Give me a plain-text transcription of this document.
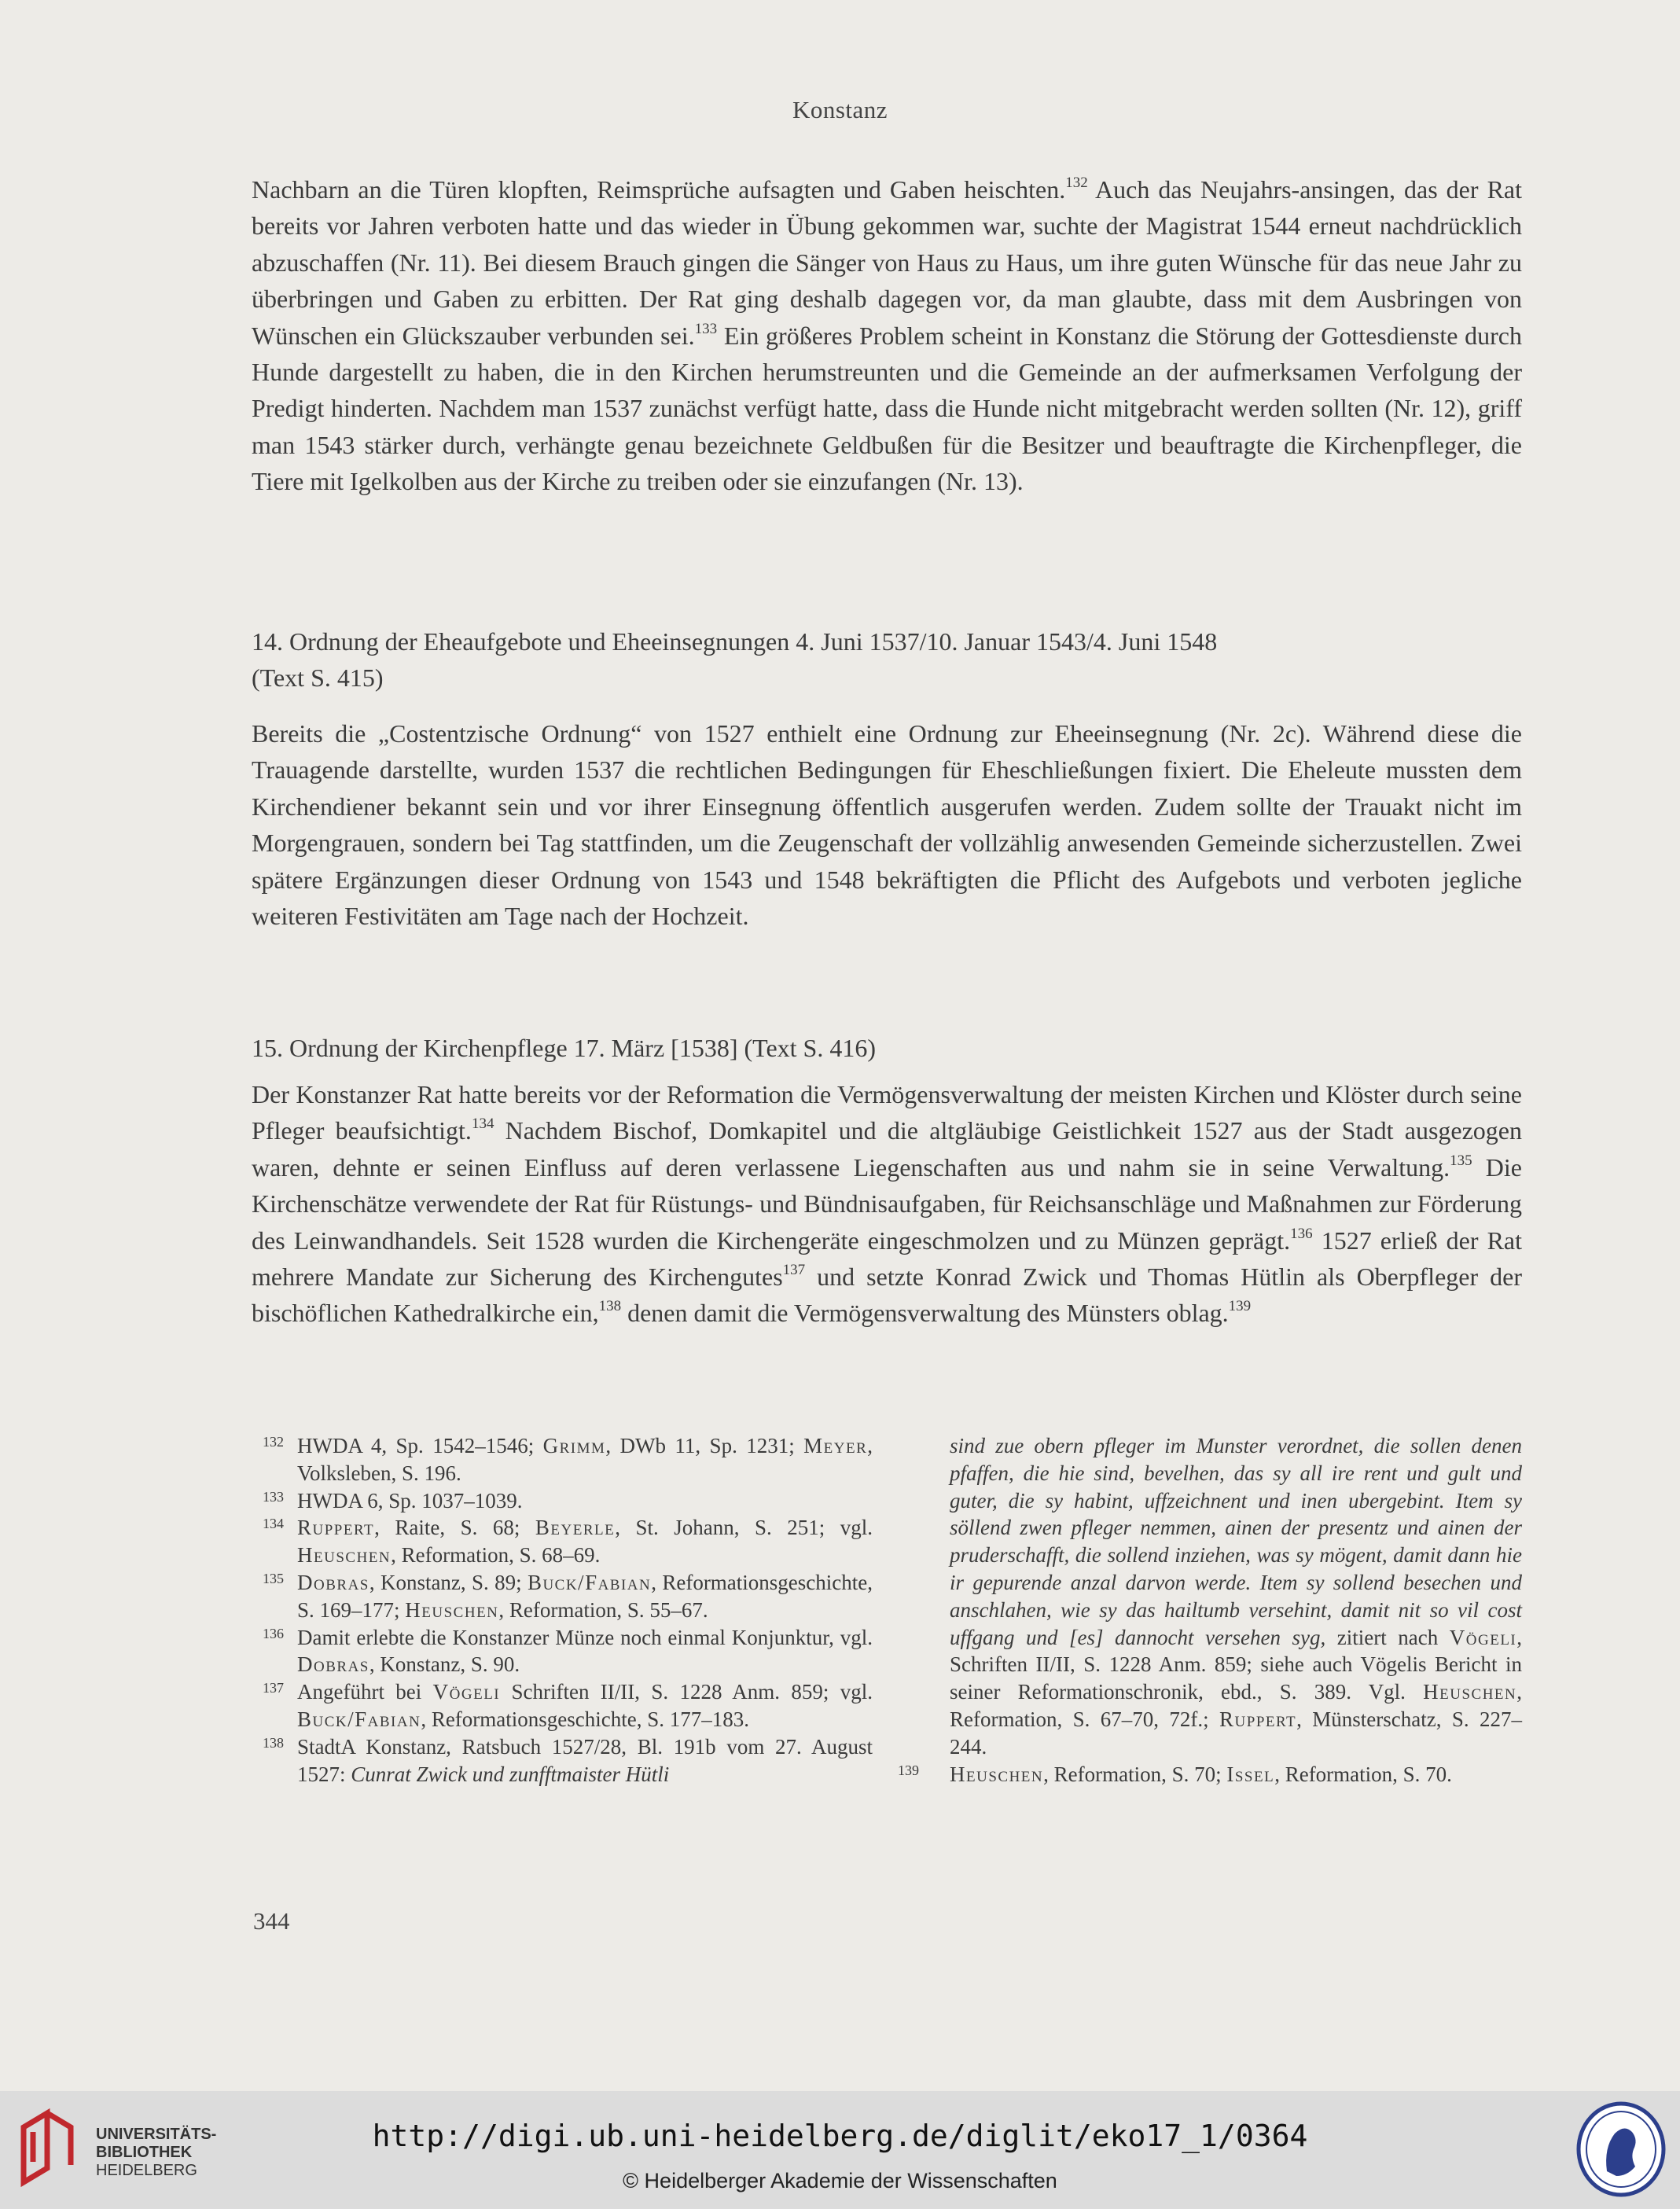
Konstanz

Nachbarn an die Türen klopften, Reimsprüche aufsagten und Gaben heischten.$^{132}$ Auch das Neujahrs-ansingen, das der Rat bereits vor Jahren verboten hatte und das wieder in Übung gekommen war, suchte der Magistrat 1544 erneut nachdrücklich abzuschaffen (Nr. 11). Bei diesem Brauch gingen die Sänger von Haus zu Haus, um ihre guten Wünsche für das neue Jahr zu überbringen und Gaben zu erbitten. Der Rat ging deshalb dagegen vor, da man glaubte, dass mit dem Ausbringen von Wünschen ein Glückszauber verbunden sei.$^{133}$ Ein größeres Problem scheint in Konstanz die Störung der Gottesdienste durch Hunde dargestellt zu haben, die in den Kirchen herumstreunten und die Gemeinde an der aufmerksamen Verfolgung der Predigt hinderten. Nachdem man 1537 zunächst verfügt hatte, dass die Hunde nicht mitgebracht werden sollten (Nr. 12), griff man 1543 stärker durch, verhängte genau bezeichnete Geldbußen für die Besitzer und beauftragte die Kirchenpfleger, die Tiere mit Igelkolben aus der Kirche zu treiben oder sie einzufangen (Nr. 13).

14. Ordnung der Eheaufgebote und Eheeinsegnungen 4. Juni 1537/10. Januar 1543/4. Juni 1548

(Text S. 415)

Bereits die „Costentzische Ordnung“ von 1527 enthielt eine Ordnung zur Eheeinsegnung (Nr. 2c). Während diese die Trauagende darstellte, wurden 1537 die rechtlichen Bedingungen für Eheschließungen fixiert. Die Eheleute mussten dem Kirchendiener bekannt sein und vor ihrer Einsegnung öffentlich ausgerufen werden. Zudem sollte der Trauakt nicht im Morgengrauen, sondern bei Tag stattfinden, um die Zeugenschaft der vollzählig anwesenden Gemeinde sicherzustellen. Zwei spätere Ergänzungen dieser Ordnung von 1543 und 1548 bekräftigten die Pflicht des Aufgebots und verboten jegliche weiteren Festivitäten am Tage nach der Hochzeit.

15. Ordnung der Kirchenpflege 17. März [1538] (Text S. 416)

Der Konstanzer Rat hatte bereits vor der Reformation die Vermögensverwaltung der meisten Kirchen und Klöster durch seine Pfleger beaufsichtigt.$^{134}$ Nachdem Bischof, Domkapitel und die altgläubige Geistlichkeit 1527 aus der Stadt ausgezogen waren, dehnte er seinen Einfluss auf deren verlassene Liegenschaften aus und nahm sie in seine Verwaltung.$^{135}$ Die Kirchenschätze verwendete der Rat für Rüstungs- und Bündnisaufgaben, für Reichsanschläge und Maßnahmen zur Förderung des Leinwandhandels. Seit 1528 wurden die Kirchengeräte eingeschmolzen und zu Münzen geprägt.$^{136}$ 1527 erließ der Rat mehrere Mandate zur Sicherung des Kirchengutes$^{137}$ und setzte Konrad Zwick und Thomas Hütlin als Oberpfleger der bischöflichen Kathedralkirche ein,$^{138}$ denen damit die Vermögensverwaltung des Münsters oblag.$^{139}$

132 HWDA 4, Sp. 1542–1546; Grimm, DWb 11, Sp. 1231; Meyer, Volksleben, S. 196.
133 HWDA 6, Sp. 1037–1039.
134 Ruppert, Raite, S. 68; Beyerle, St. Johann, S. 251; vgl. Heuschen, Reformation, S. 68–69.
135 Dobras, Konstanz, S. 89; Buck/Fabian, Reformationsgeschichte, S. 169–177; Heuschen, Reformation, S. 55–67.
136 Damit erlebte die Konstanzer Münze noch einmal Konjunktur, vgl. Dobras, Konstanz, S. 90.
137 Angeführt bei Vögeli Schriften II/II, S. 1228 Anm. 859; vgl. Buck/Fabian, Reformationsgeschichte, S. 177–183.
138 StadtA Konstanz, Ratsbuch 1527/28, Bl. 191b vom 27. August 1527: Cunrat Zwick und zunfftmaister Hütli
sind zue obern pfleger im Munster verordnet, die sollen denen pfaffen, die hie sind, bevelhen, das sy all ire rent und gult und guter, die sy habint, uffzeichnent und inen ubergebint. Item sy söllend zwen pfleger nemmen, ainen der presentz und ainen der pruderschafft, die sollend inziehen, was sy mögent, damit dann hie ir gepurende anzal darvon werde. Item sy sollend besechen und anschlahen, wie sy das hailtumb versehint, damit nit so vil cost uffgang und [es] dannocht versehen syg, zitiert nach Vögeli, Schriften II/II, S. 1228 Anm. 859; siehe auch Vögelis Bericht in seiner Reformationschronik, ebd., S. 389. Vgl. Heuschen, Reformation, S. 67–70, 72f.; Ruppert, Münsterschatz, S. 227–244.
139 Heuschen, Reformation, S. 70; Issel, Reformation, S. 70.
344
UNIVERSITÄTS-
BIBLIOTHEK
HEIDELBERG
http://digi.ub.uni-heidelberg.de/diglit/eko17_1/0364
© Heidelberger Akademie der Wissenschaften
